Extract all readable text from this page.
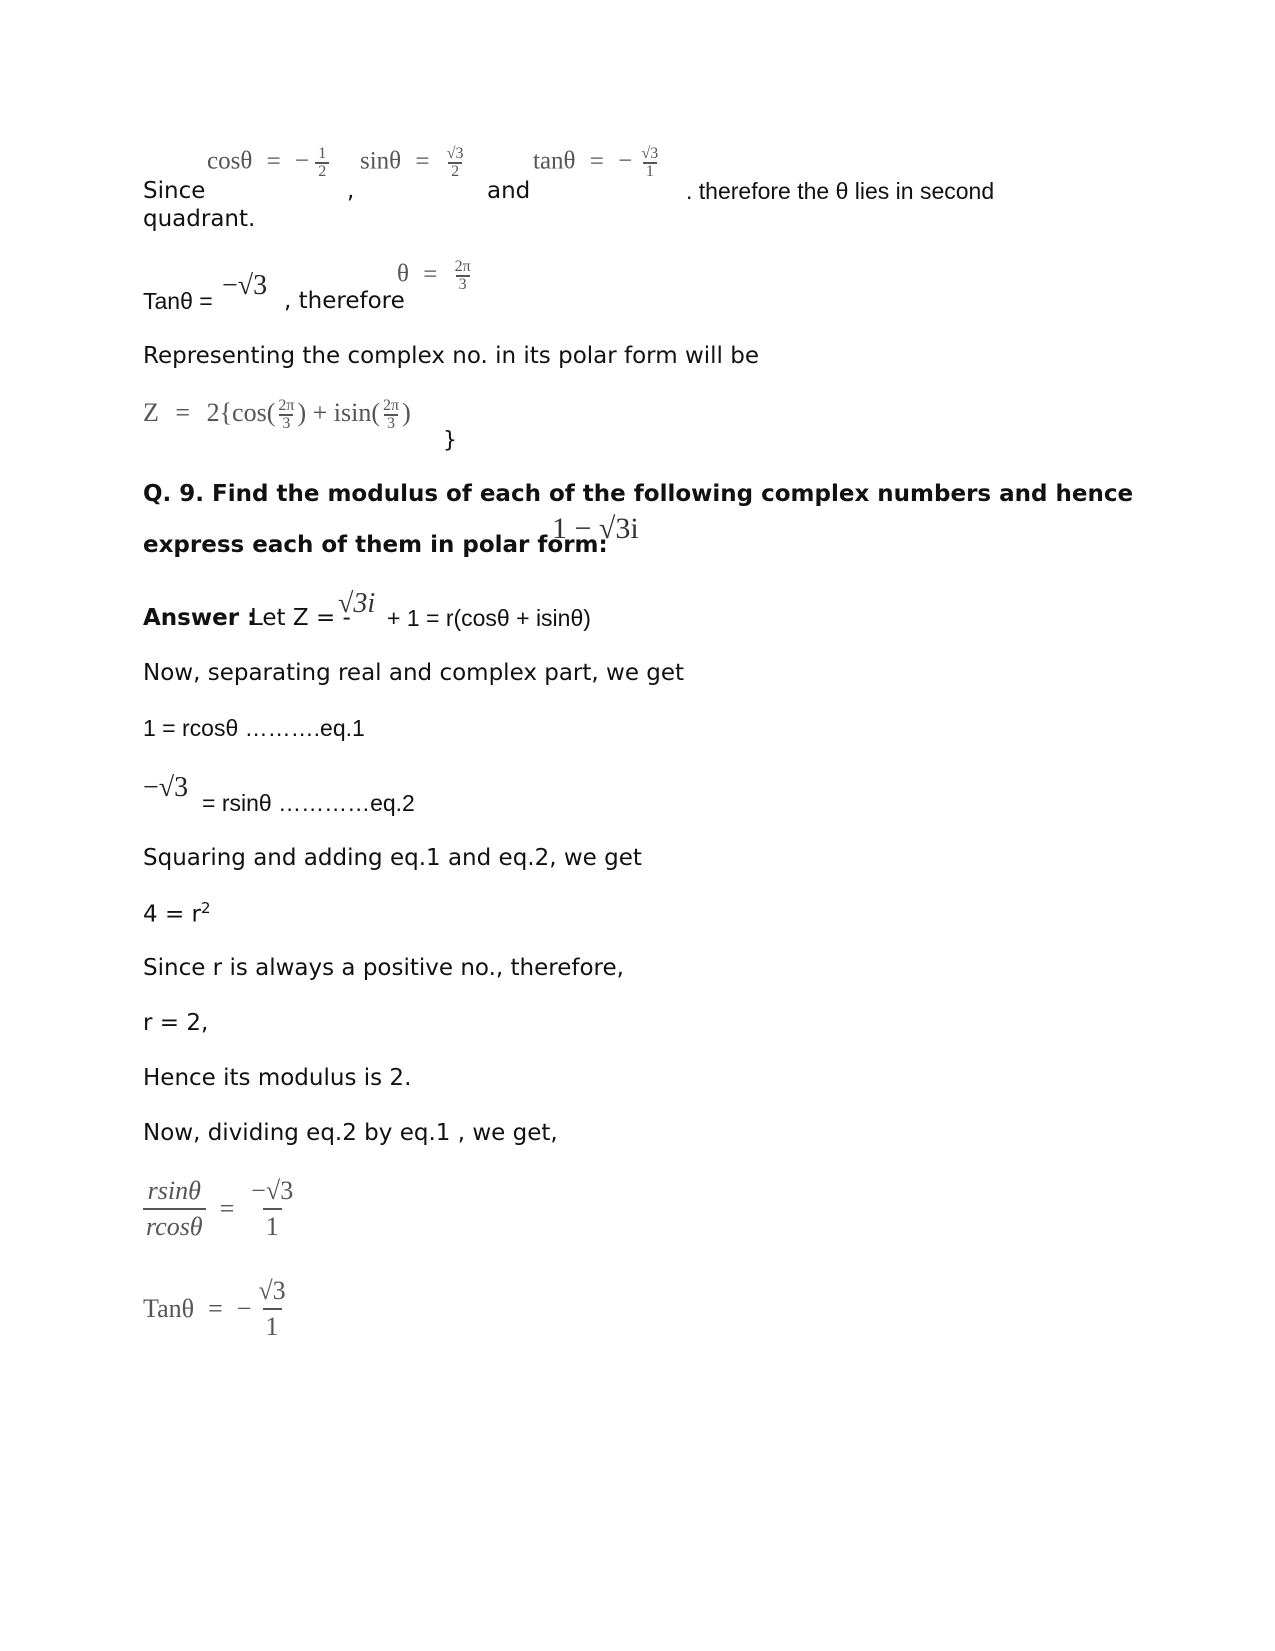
Since
cosθ = − $\frac{1}{2}$
,
$\sin\theta = \frac{√3}{2}$
and
tanθ = − $\frac{√3}{1}$
. therefore the θ lies in second
quadrant.
Tanθ = −√3 , therefore
$\theta = \frac{2\pi}{3}$
Representing the complex no. in its polar form will be
$Z = 2\{\cos( \frac{2\pi}{3}$ ) + $isin( \frac{2\pi}{3}$ )
}
Q. 9. Find the modulus of each of the following complex numbers and hence
express each of them in polar form:
1 − √3i
Answer :
Let Z = -
√3i + 1 = r(cosθ + isinθ)
Now, separating real and complex part, we get
1 = rcosθ ……….eq.1
−√3 = rsinθ …………eq.2
Squaring and adding eq.1 and eq.2, we get
$4 = r^2$
Since r is always a positive no., therefore,
r = 2,
Hence its modulus is 2.
Now, dividing eq.2 by eq.1 , we get,
$\frac{rsin\theta}{rcos\theta} = \frac{-√3}{1}$
Tanθ = − $\frac{√3}{1}$
